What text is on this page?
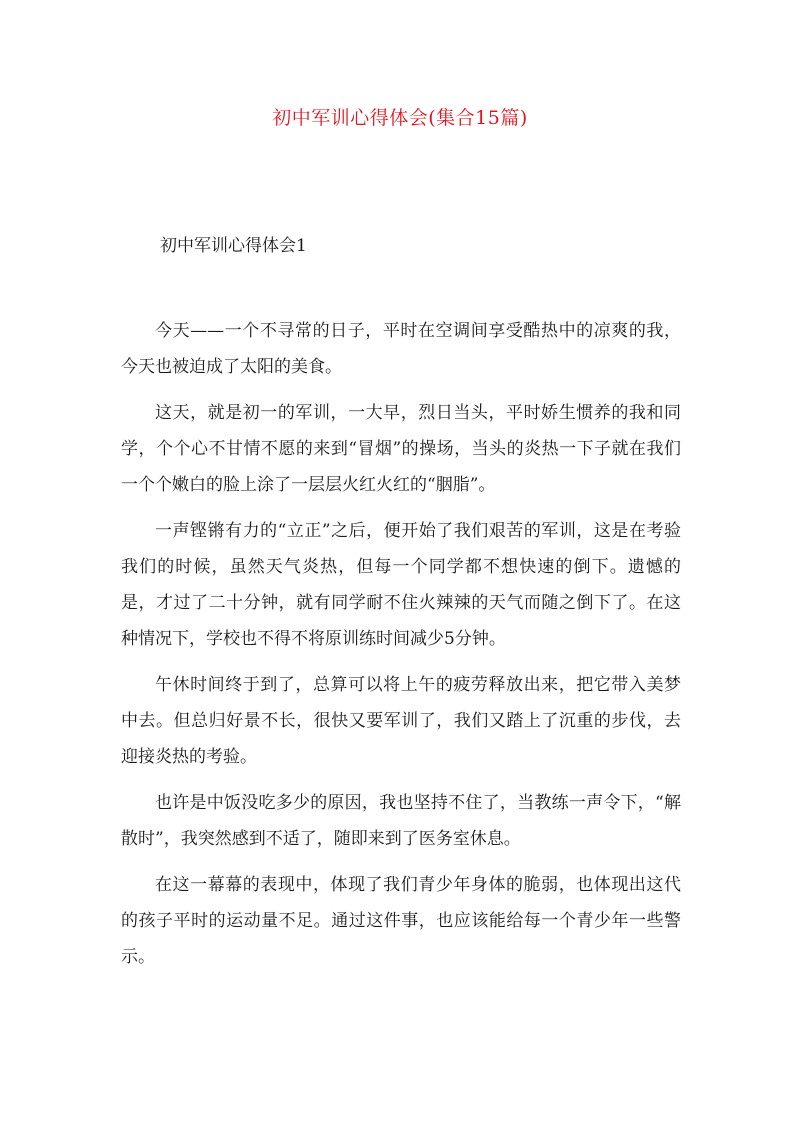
初中军训心得体会(集合15篇)
初中军训心得体会1

今天——一个不寻常的日子，平时在空调间享受酷热中的凉爽的我，今天也被迫成了太阳的美食。

这天，就是初一的军训，一大早，烈日当头，平时娇生惯养的我和同学，个个心不甘情不愿的来到“冒烟”的操场，当头的炎热一下子就在我们一个个嫩白的脸上涂了一层层火红火红的“胭脂”。

一声铿锵有力的“立正”之后，便开始了我们艰苦的军训，这是在考验我们的时候，虽然天气炎热，但每一个同学都不想快速的倒下。遗憾的是，才过了二十分钟，就有同学耐不住火辣辣的天气而随之倒下了。在这种情况下，学校也不得不将原训练时间减少5分钟。

午休时间终于到了，总算可以将上午的疲劳释放出来，把它带入美梦中去。但总归好景不长，很快又要军训了，我们又踏上了沉重的步伐，去迎接炎热的考验。

也许是中饭没吃多少的原因，我也坚持不住了，当教练一声令下，“解散时”，我突然感到不适了，随即来到了医务室休息。

在这一幕幕的表现中，体现了我们青少年身体的脆弱，也体现出这代的孩子平时的运动量不足。通过这件事，也应该能给每一个青少年一些警示。
